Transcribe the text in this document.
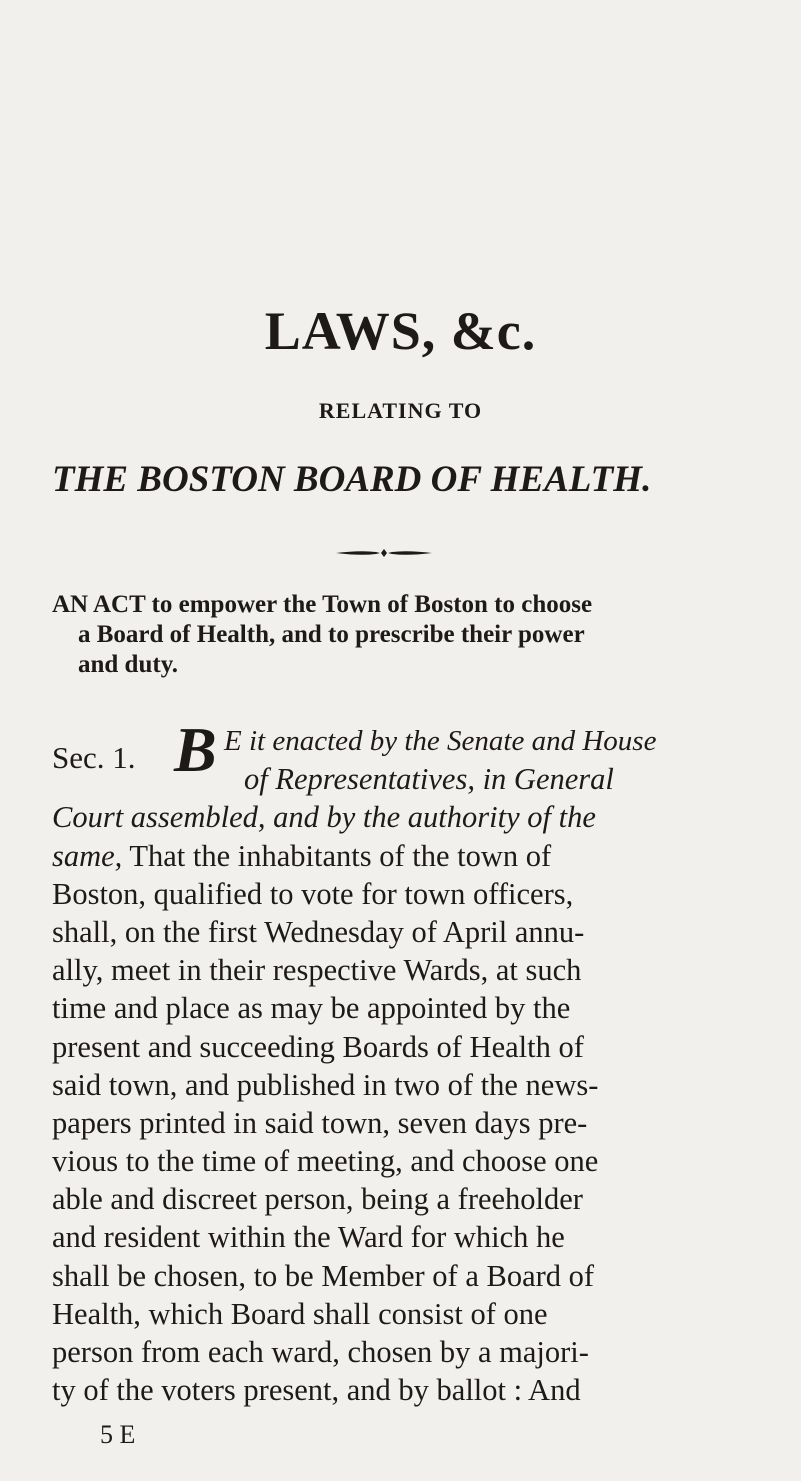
LAWS, &c.
RELATING TO
THE BOSTON BOARD OF HEALTH.
AN ACT to empower the Town of Boston to choose
a Board of Health, and to prescribe their power
and duty.
Sec. 1. B E it enacted by the Senate and House
of Representatives, in General
Court assembled, and by the authority of the
same, That the inhabitants of the town of
Boston, qualified to vote for town officers,
shall, on the first Wednesday of April annu-
ally, meet in their respective Wards, at such
time and place as may be appointed by the
present and succeeding Boards of Health of
said town, and published in two of the news-
papers printed in said town, seven days pre-
vious to the time of meeting, and choose one
able and discreet person, being a freeholder
and resident within the Ward for which he
shall be chosen, to be Member of a Board of
Health, which Board shall consist of one
person from each ward, chosen by a majori-
ty of the voters present, and by ballot : And
5 E
